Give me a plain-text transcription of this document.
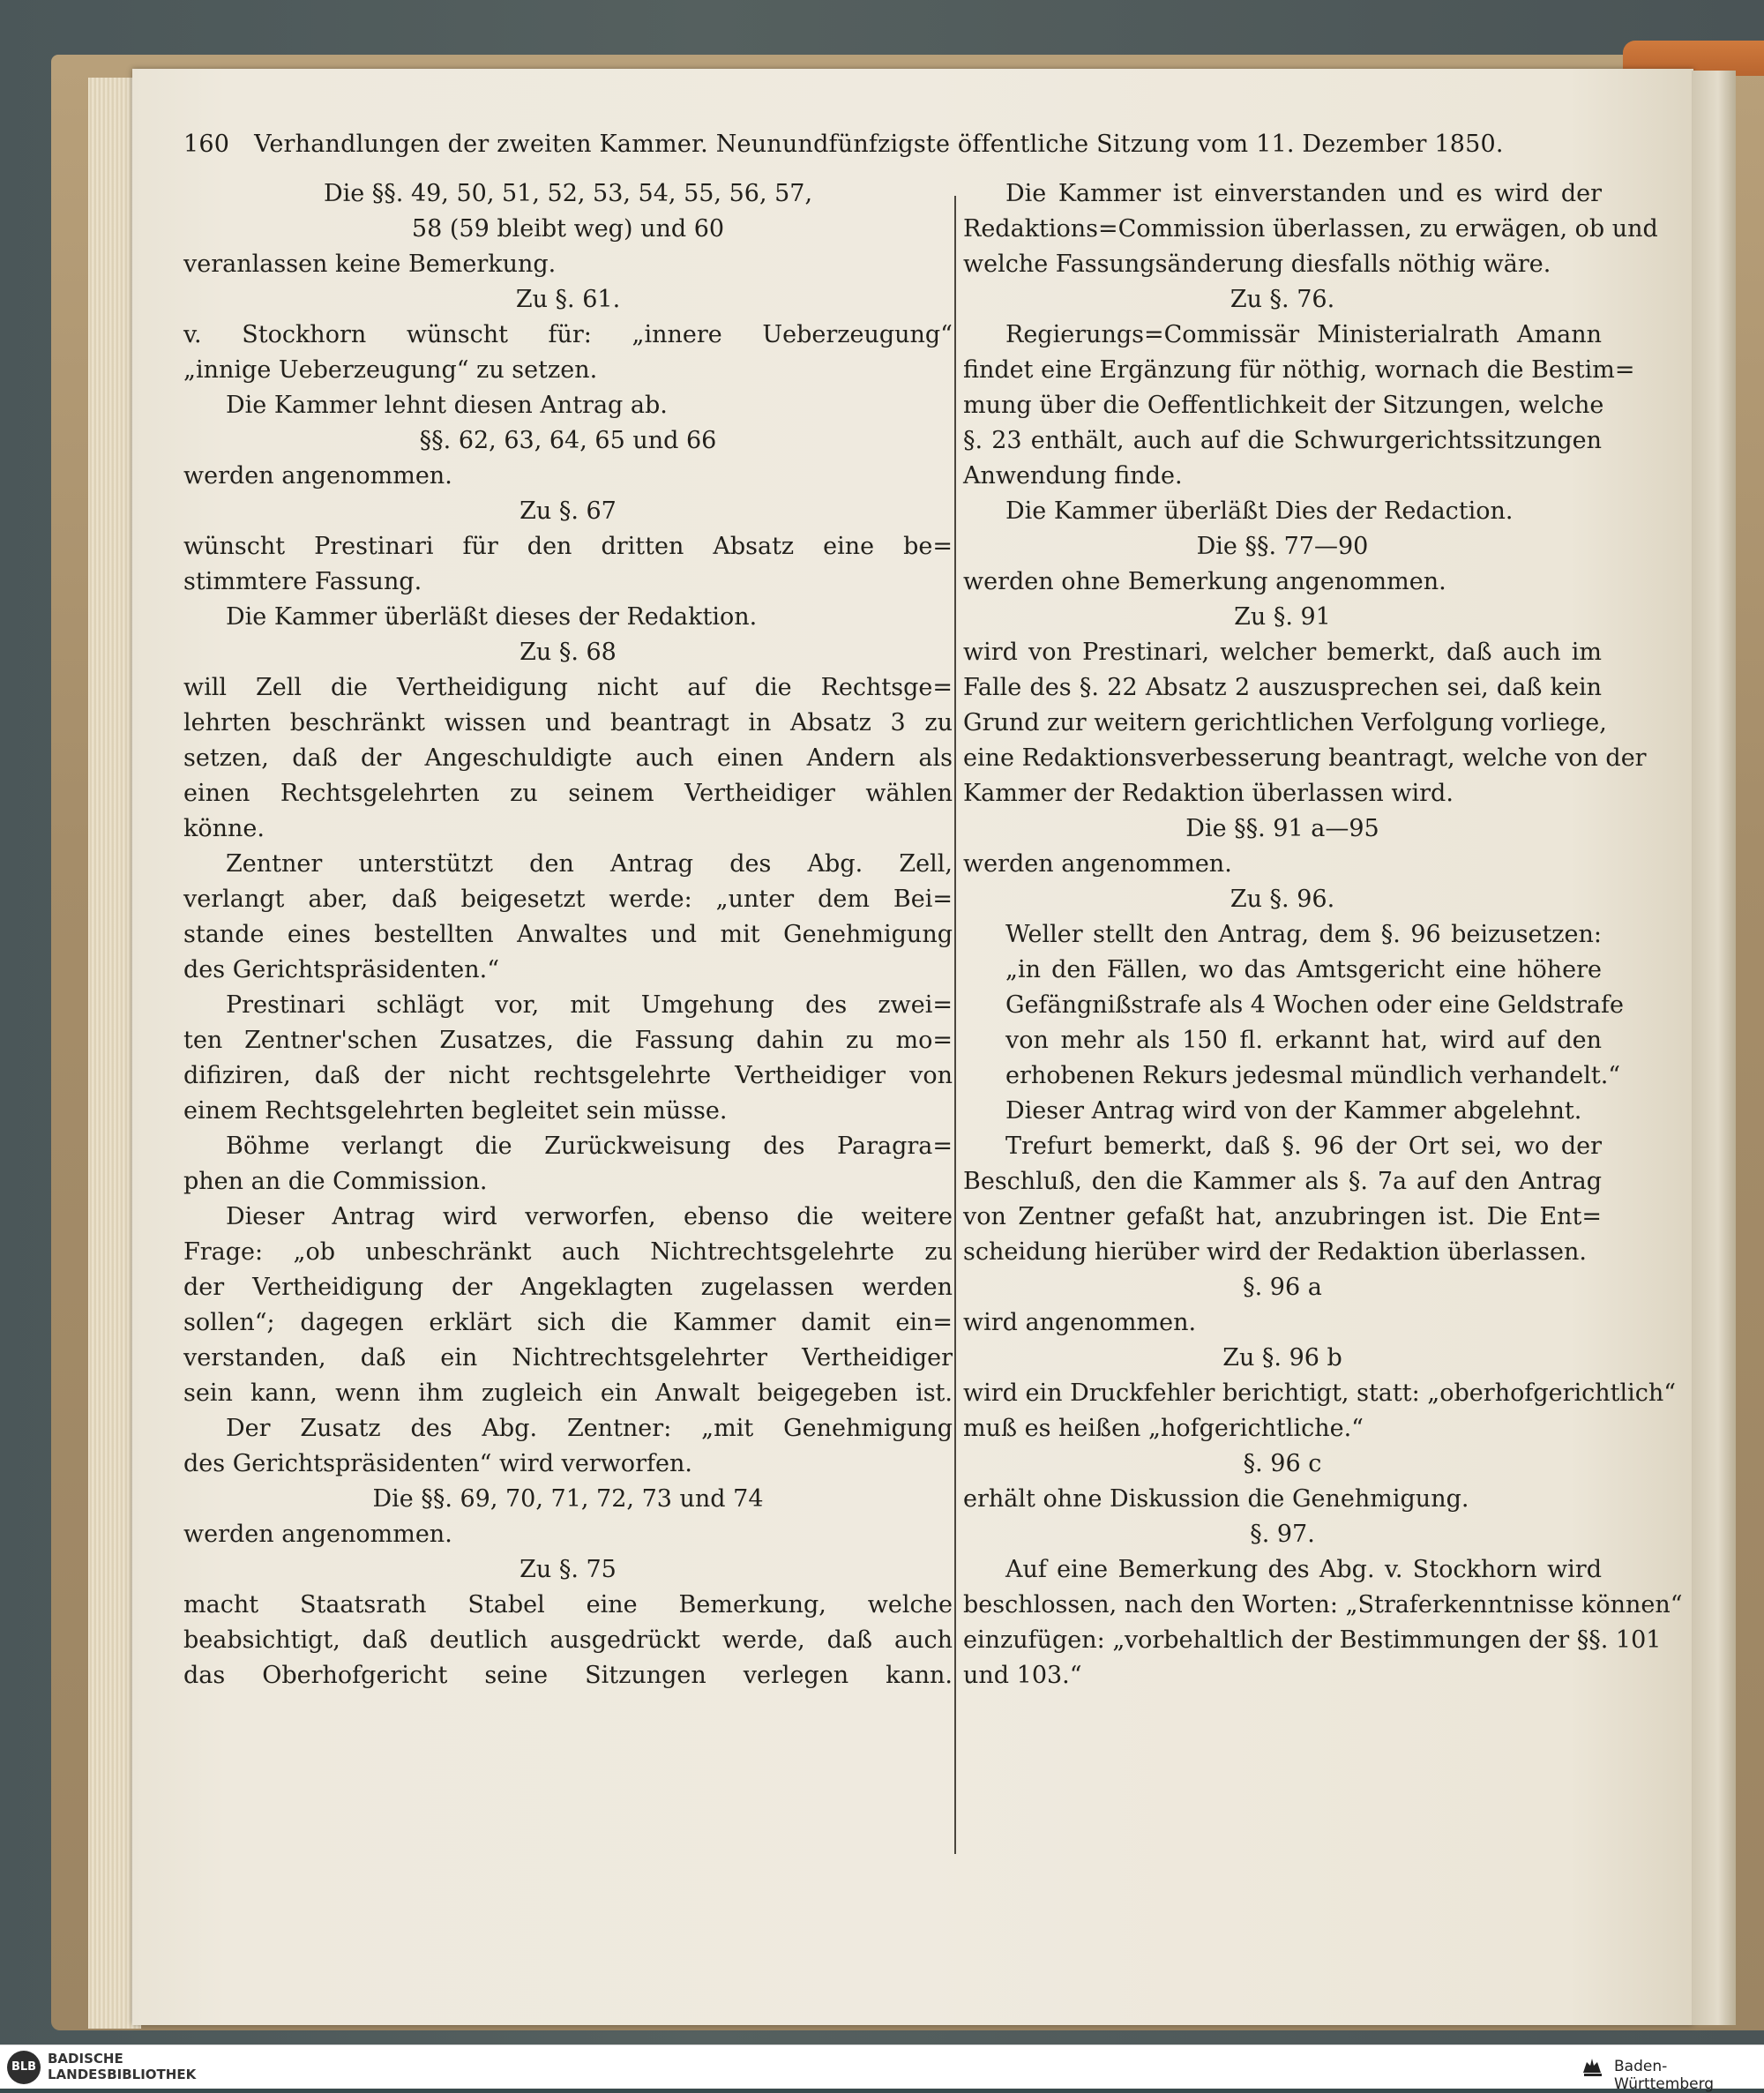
160 Verhandlungen der zweiten Kammer. Neunundfünfzigste öffentliche Sitzung vom 11. Dezember 1850.
Die §§. 49, 50, 51, 52, 53, 54, 55, 56, 57,
58 (59 bleibt weg) und 60
veranlassen keine Bemerkung.
Zu §. 61.
v. Stockhorn wünscht für: „innere Ueberzeugung“
„innige Ueberzeugung“ zu setzen.
Die Kammer lehnt diesen Antrag ab.
§§. 62, 63, 64, 65 und 66
werden angenommen.
Zu §. 67
wünscht Prestinari für den dritten Absatz eine be=
stimmtere Fassung.
Die Kammer überläßt dieses der Redaktion.
Zu §. 68
will Zell die Vertheidigung nicht auf die Rechtsge=
lehrten beschränkt wissen und beantragt in Absatz 3 zu
setzen, daß der Angeschuldigte auch einen Andern als
einen Rechtsgelehrten zu seinem Vertheidiger wählen
könne.
Zentner unterstützt den Antrag des Abg. Zell,
verlangt aber, daß beigesetzt werde: „unter dem Bei=
stande eines bestellten Anwaltes und mit Genehmigung
des Gerichtspräsidenten.“
Prestinari schlägt vor, mit Umgehung des zwei=
ten Zentner'schen Zusatzes, die Fassung dahin zu mo=
difiziren, daß der nicht rechtsgelehrte Vertheidiger von
einem Rechtsgelehrten begleitet sein müsse.
Böhme verlangt die Zurückweisung des Paragra=
phen an die Commission.
Dieser Antrag wird verworfen, ebenso die weitere
Frage: „ob unbeschränkt auch Nichtrechtsgelehrte zu
der Vertheidigung der Angeklagten zugelassen werden
sollen“; dagegen erklärt sich die Kammer damit ein=
verstanden, daß ein Nichtrechtsgelehrter Vertheidiger
sein kann, wenn ihm zugleich ein Anwalt beigegeben ist.
Der Zusatz des Abg. Zentner: „mit Genehmigung
des Gerichtspräsidenten“ wird verworfen.
Die §§. 69, 70, 71, 72, 73 und 74
werden angenommen.
Zu §. 75
macht Staatsrath Stabel eine Bemerkung, welche
beabsichtigt, daß deutlich ausgedrückt werde, daß auch
das Oberhofgericht seine Sitzungen verlegen kann.
Die Kammer ist einverstanden und es wird der
Redaktions=Commission überlassen, zu erwägen, ob und
welche Fassungsänderung diesfalls nöthig wäre.
Zu §. 76.
Regierungs=Commissär Ministerialrath Amann
findet eine Ergänzung für nöthig, wornach die Bestim=
mung über die Oeffentlichkeit der Sitzungen, welche
§. 23 enthält, auch auf die Schwurgerichtssitzungen
Anwendung finde.
Die Kammer überläßt Dies der Redaction.
Die §§. 77—90
werden ohne Bemerkung angenommen.
Zu §. 91
wird von Prestinari, welcher bemerkt, daß auch im
Falle des §. 22 Absatz 2 auszusprechen sei, daß kein
Grund zur weitern gerichtlichen Verfolgung vorliege,
eine Redaktionsverbesserung beantragt, welche von der
Kammer der Redaktion überlassen wird.
Die §§. 91 a—95
werden angenommen.
Zu §. 96.
Weller stellt den Antrag, dem §. 96 beizusetzen:
„in den Fällen, wo das Amtsgericht eine höhere
Gefängnißstrafe als 4 Wochen oder eine Geldstrafe
von mehr als 150 fl. erkannt hat, wird auf den
erhobenen Rekurs jedesmal mündlich verhandelt.“
Dieser Antrag wird von der Kammer abgelehnt.
Trefurt bemerkt, daß §. 96 der Ort sei, wo der
Beschluß, den die Kammer als §. 7a auf den Antrag
von Zentner gefaßt hat, anzubringen ist. Die Ent=
scheidung hierüber wird der Redaktion überlassen.
§. 96 a
wird angenommen.
Zu §. 96 b
wird ein Druckfehler berichtigt, statt: „oberhofgerichtlich“
muß es heißen „hofgerichtliche.“
§. 96 c
erhält ohne Diskussion die Genehmigung.
§. 97.
Auf eine Bemerkung des Abg. v. Stockhorn wird
beschlossen, nach den Worten: „Straferkenntnisse können“
einzufügen: „vorbehaltlich der Bestimmungen der §§. 101
und 103.“
BLB
BADISCHE
LANDESBIBLIOTHEK	Baden-Württemberg
